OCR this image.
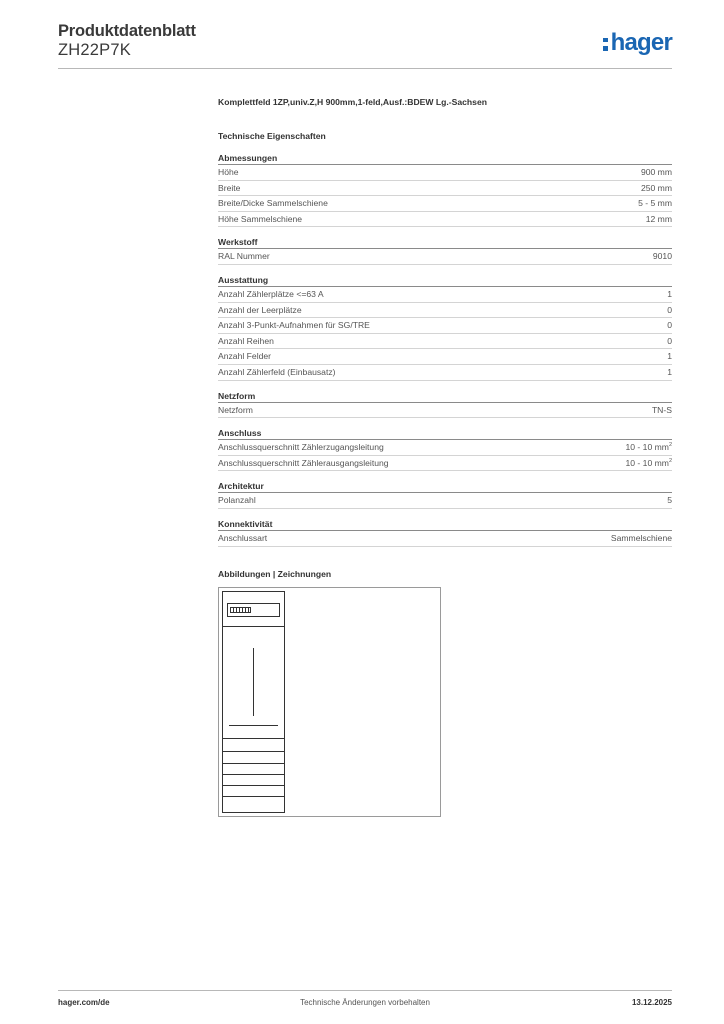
Produktdatenblatt
ZH22P7K	hager
Komplettfeld 1ZP,univ.Z,H 900mm,1-feld,Ausf.:BDEW Lg.-Sachsen
Technische Eigenschaften
Abmessungen
Höhe	900 mm
Breite	250 mm
Breite/Dicke Sammelschiene	5 - 5 mm
Höhe Sammelschiene	12 mm
Werkstoff
RAL Nummer	9010
Ausstattung
Anzahl Zählerplätze <=63 A	1
Anzahl der Leerplätze	0
Anzahl 3-Punkt-Aufnahmen für SG/TRE	0
Anzahl Reihen	0
Anzahl Felder	1
Anzahl Zählerfeld (Einbausatz)	1
Netzform
Netzform	TN-S
Anschluss
Anschlussquerschnitt Zählerzugangsleitung	10 - 10 $mm^2$
Anschlussquerschnitt Zählerausgangsleitung	10 - 10 $mm^2$
Architektur
Polanzahl	5
Konnektivität
Anschlussart	Sammelschiene
Abbildungen | Zeichnungen
hager.com/de	Technische Änderungen vorbehalten	13.12.2025
